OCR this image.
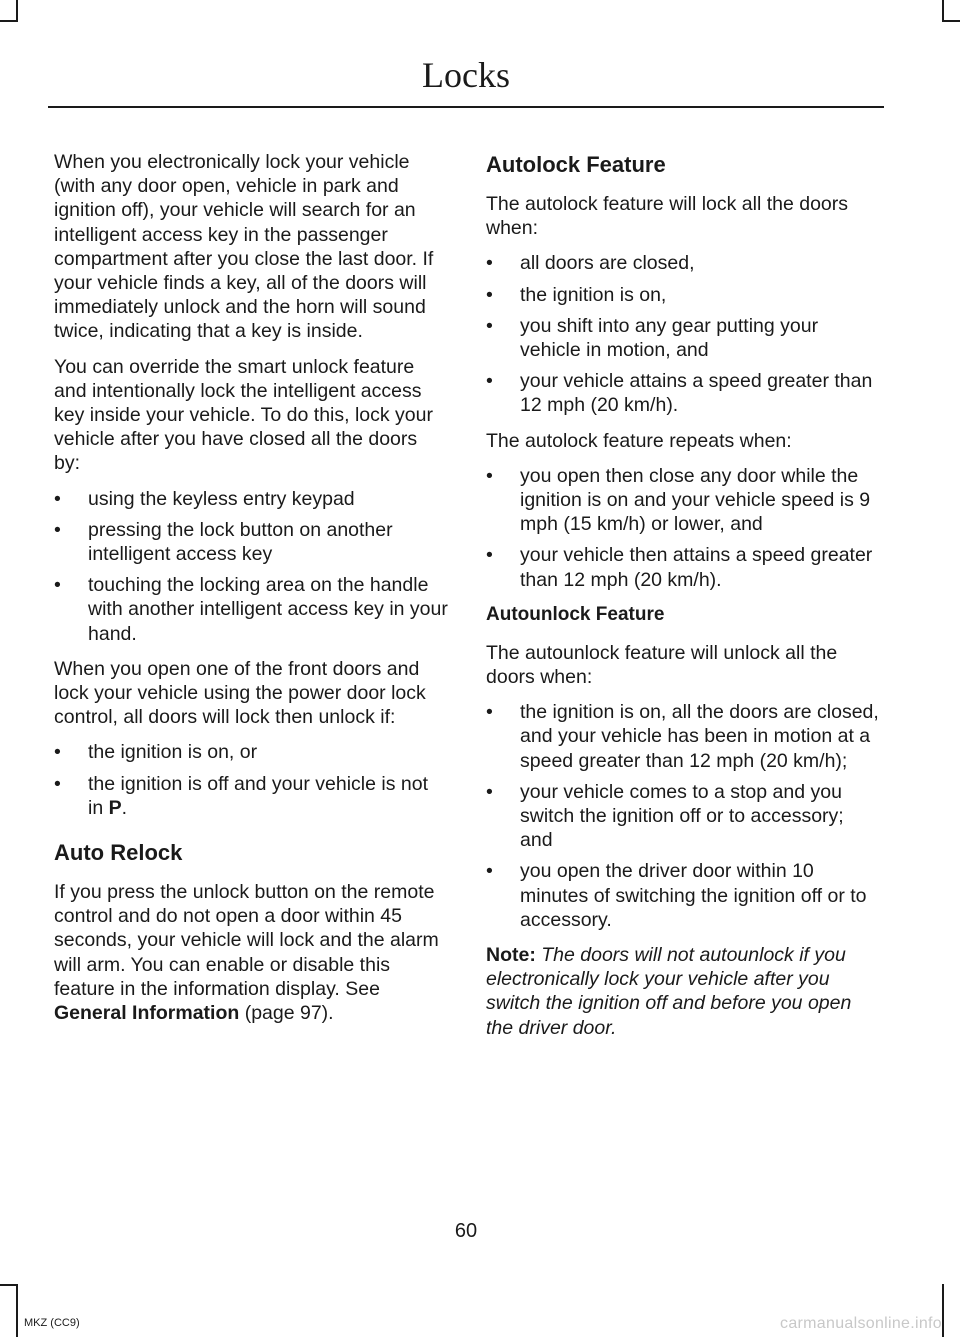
Locks

When you electronically lock your vehicle (with any door open, vehicle in park and ignition off), your vehicle will search for an intelligent access key in the passenger compartment after you close the last door. If your vehicle finds a key, all of the doors will immediately unlock and the horn will sound twice, indicating that a key is inside.

You can override the smart unlock feature and intentionally lock the intelligent access key inside your vehicle. To do this, lock your vehicle after you have closed all the doors by:

• using the keyless entry keypad
• pressing the lock button on another intelligent access key
• touching the locking area on the handle with another intelligent access key in your hand.

When you open one of the front doors and lock your vehicle using the power door lock control, all doors will lock then unlock if:

• the ignition is on, or
• the ignition is off and your vehicle is not in P.
Auto Relock

If you press the unlock button on the remote control and do not open a door within 45 seconds, your vehicle will lock and the alarm will arm. You can enable or disable this feature in the information display. See General Information (page 97).

Autolock Feature

The autolock feature will lock all the doors when:

• all doors are closed,
• the ignition is on,
• you shift into any gear putting your vehicle in motion, and
• your vehicle attains a speed greater than 12 mph (20 km/h).

The autolock feature repeats when:

• you open then close any door while the ignition is on and your vehicle speed is 9 mph (15 km/h) or lower, and
• your vehicle then attains a speed greater than 12 mph (20 km/h).
Autounlock Feature

The autounlock feature will unlock all the doors when:

• the ignition is on, all the doors are closed, and your vehicle has been in motion at a speed greater than 12 mph (20 km/h);
• your vehicle comes to a stop and you switch the ignition off or to accessory; and
• you open the driver door within 10 minutes of switching the ignition off or to accessory.

Note: The doors will not autounlock if you electronically lock your vehicle after you switch the ignition off and before you open the driver door.

60
MKZ (CC9)	carmanualsonline.info
